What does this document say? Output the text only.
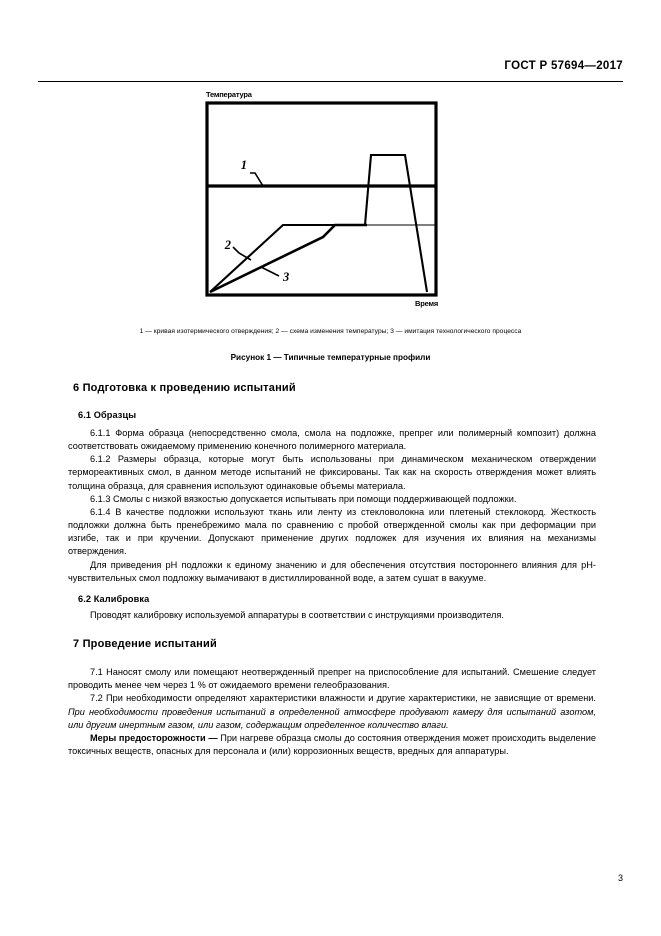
ГОСТ Р 57694—2017
Температура
1
2
3
Время
1 — кривая изотермического отверждения; 2 — схема изменения температуры; 3 — имитация технологического процесса
Рисунок 1 — Типичные температурные профили
6 Подготовка к проведению испытаний
6.1 Образцы

6.1.1 Форма образца (непосредственно смола, смола на подложке, препрег или полимерный композит) должна соответствовать ожидаемому применению конечного полимерного материала.

6.1.2 Размеры образца, которые могут быть использованы при динамическом механическом отверждении термореактивных смол, в данном методе испытаний не фиксированы. Так как на скорость отверждения может влиять толщина образца, для сравнения используют одинаковые объемы материала.

6.1.3 Смолы с низкой вязкостью допускается испытывать при помощи поддерживающей подложки.

6.1.4 В качестве подложки используют ткань или ленту из стекловолокна или плетеный стеклокорд. Жесткость подложки должна быть пренебрежимо мала по сравнению с пробой отвержденной смолы как при деформации при изгибе, так и при кручении. Допускают применение других подложек для изучения их влияния на механизмы отверждения.

Для приведения pH подложки к единому значению и для обеспечения отсутствия постороннего влияния для pH-чувствительных смол подложку вымачивают в дистиллированной воде, а затем сушат в вакууме.

6.2 Калибровка

Проводят калибровку используемой аппаратуры в соответствии с инструкциями производителя.

7 Проведение испытаний

7.1 Наносят смолу или помещают неотвержденный препрег на приспособление для испытаний. Смешение следует проводить менее чем через 1 % от ожидаемого времени гелеобразования.

7.2 При необходимости определяют характеристики влажности и другие характеристики, не зависящие от времени. При необходимости проведения испытаний в определенной атмосфере продувают камеру для испытаний азотом, или другим инертным газом, или газом, содержащим определенное количество влаги.

Меры предосторожности — При нагреве образца смолы до состояния отверждения может происходить выделение токсичных веществ, опасных для персонала и (или) коррозионных веществ, вредных для аппаратуры.

3
